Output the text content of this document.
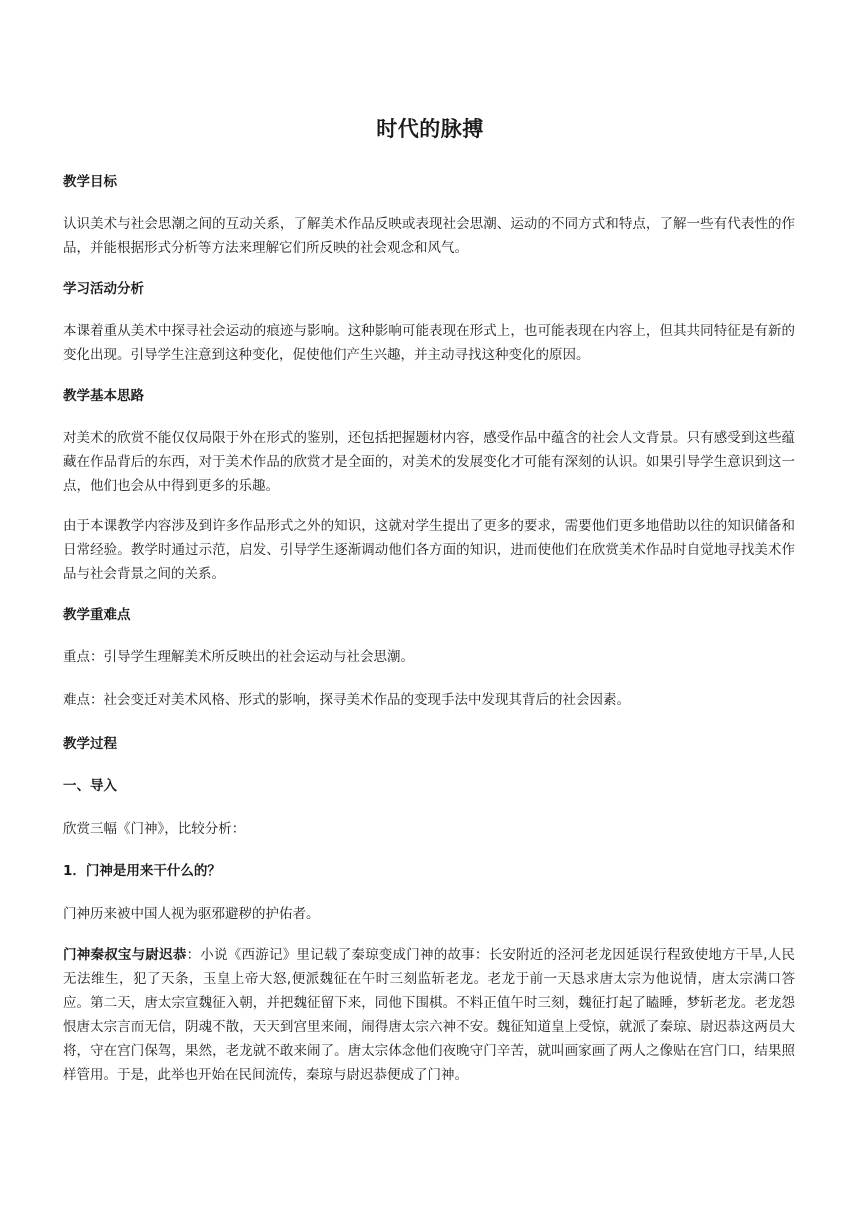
时代的脉搏
教学目标
认识美术与社会思潮之间的互动关系，了解美术作品反映或表现社会思潮、运动的不同方式和特点，了解一些有代表性的作品，并能根据形式分析等方法来理解它们所反映的社会观念和风气。
学习活动分析
本课着重从美术中探寻社会运动的痕迹与影响。这种影响可能表现在形式上，也可能表现在内容上，但其共同特征是有新的变化出现。引导学生注意到这种变化，促使他们产生兴趣，并主动寻找这种变化的原因。
教学基本思路
对美术的欣赏不能仅仅局限于外在形式的鉴别，还包括把握题材内容，感受作品中蕴含的社会人文背景。只有感受到这些蕴藏在作品背后的东西，对于美术作品的欣赏才是全面的，对美术的发展变化才可能有深刻的认识。如果引导学生意识到这一点，他们也会从中得到更多的乐趣。
由于本课教学内容涉及到许多作品形式之外的知识，这就对学生提出了更多的要求，需要他们更多地借助以往的知识储备和日常经验。教学时通过示范，启发、引导学生逐渐调动他们各方面的知识，进而使他们在欣赏美术作品时自觉地寻找美术作品与社会背景之间的关系。
教学重难点
重点：引导学生理解美术所反映出的社会运动与社会思潮。
难点：社会变迁对美术风格、形式的影响，探寻美术作品的变现手法中发现其背后的社会因素。
教学过程
一、导入
欣赏三幅《门神》，比较分析：
1．门神是用来干什么的？
门神历来被中国人视为驱邪避秽的护佑者。
门神秦叔宝与尉迟恭：小说《西游记》里记载了秦琼变成门神的故事：长安附近的泾河老龙因延误行程致使地方干旱,人民无法维生，犯了天条，玉皇上帝大怒,便派魏征在午时三刻监斩老龙。老龙于前一天恳求唐太宗为他说情，唐太宗满口答应。第二天，唐太宗宣魏征入朝，并把魏征留下来，同他下围棋。不料正值午时三刻，魏征打起了瞌睡，梦斩老龙。老龙怨恨唐太宗言而无信，阴魂不散，天天到宫里来闹，闹得唐太宗六神不安。魏征知道皇上受惊，就派了秦琼、尉迟恭这两员大将，守在宫门保驾，果然，老龙就不敢来闹了。唐太宗体念他们夜晚守门辛苦，就叫画家画了两人之像贴在宫门口，结果照样管用。于是，此举也开始在民间流传，秦琼与尉迟恭便成了门神。
